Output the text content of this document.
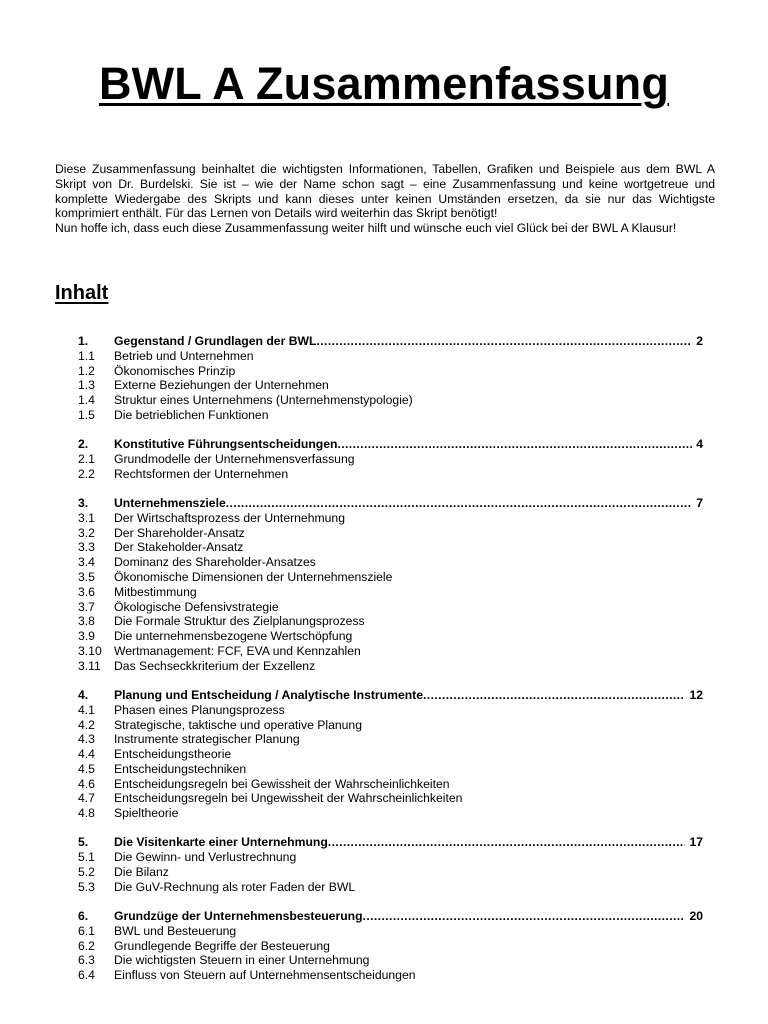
BWL A Zusammenfassung

Diese Zusammenfassung beinhaltet die wichtigsten Informationen, Tabellen, Grafiken und Beispiele aus dem BWL A Skript von Dr. Burdelski. Sie ist – wie der Name schon sagt – eine Zusammenfassung und keine wortgetreue und komplette Wiedergabe des Skripts und kann dieses unter keinen Umständen ersetzen, da sie nur das Wichtigste komprimiert enthält. Für das Lernen von Details wird weiterhin das Skript benötigt!

Nun hoffe ich, dass euch diese Zusammenfassung weiter hilft und wünsche euch viel Glück bei der BWL A Klausur!

Inhalt
1.	Gegenstand / Grundlagen der BWL .....	2
1.1	Betrieb und Unternehmen
1.2	Ökonomisches Prinzip
1.3	Externe Beziehungen der Unternehmen
1.4	Struktur eines Unternehmens (Unternehmenstypologie)
1.5	Die betrieblichen Funktionen
2.	Konstitutive Führungsentscheidungen .....	4
2.1	Grundmodelle der Unternehmensverfassung
2.2	Rechtsformen der Unternehmen
3.	Unternehmensziele .....	7
3.1	Der Wirtschaftsprozess der Unternehmung
3.2	Der Shareholder-Ansatz
3.3	Der Stakeholder-Ansatz
3.4	Dominanz des Shareholder-Ansatzes
3.5	Ökonomische Dimensionen der Unternehmensziele
3.6	Mitbestimmung
3.7	Ökologische Defensivstrategie
3.8	Die Formale Struktur des Zielplanungsprozess
3.9	Die unternehmensbezogene Wertschöpfung
3.10	Wertmanagement: FCF, EVA und Kennzahlen
3.11	Das Sechseckkriterium der Exzellenz
4.	Planung und Entscheidung / Analytische Instrumente .....	12
4.1	Phasen eines Planungsprozess
4.2	Strategische, taktische und operative Planung
4.3	Instrumente strategischer Planung
4.4	Entscheidungstheorie
4.5	Entscheidungstechniken
4.6	Entscheidungsregeln bei Gewissheit der Wahrscheinlichkeiten
4.7	Entscheidungsregeln bei Ungewissheit der Wahrscheinlichkeiten
4.8	Spieltheorie
5.	Die Visitenkarte einer Unternehmung .....	17
5.1	Die Gewinn- und Verlustrechnung
5.2	Die Bilanz
5.3	Die GuV-Rechnung als roter Faden der BWL
6.	Grundzüge der Unternehmensbesteuerung .....	20
6.1	BWL und Besteuerung
6.2	Grundlegende Begriffe der Besteuerung
6.3	Die wichtigsten Steuern in einer Unternehmung
6.4	Einfluss von Steuern auf Unternehmensentscheidungen
